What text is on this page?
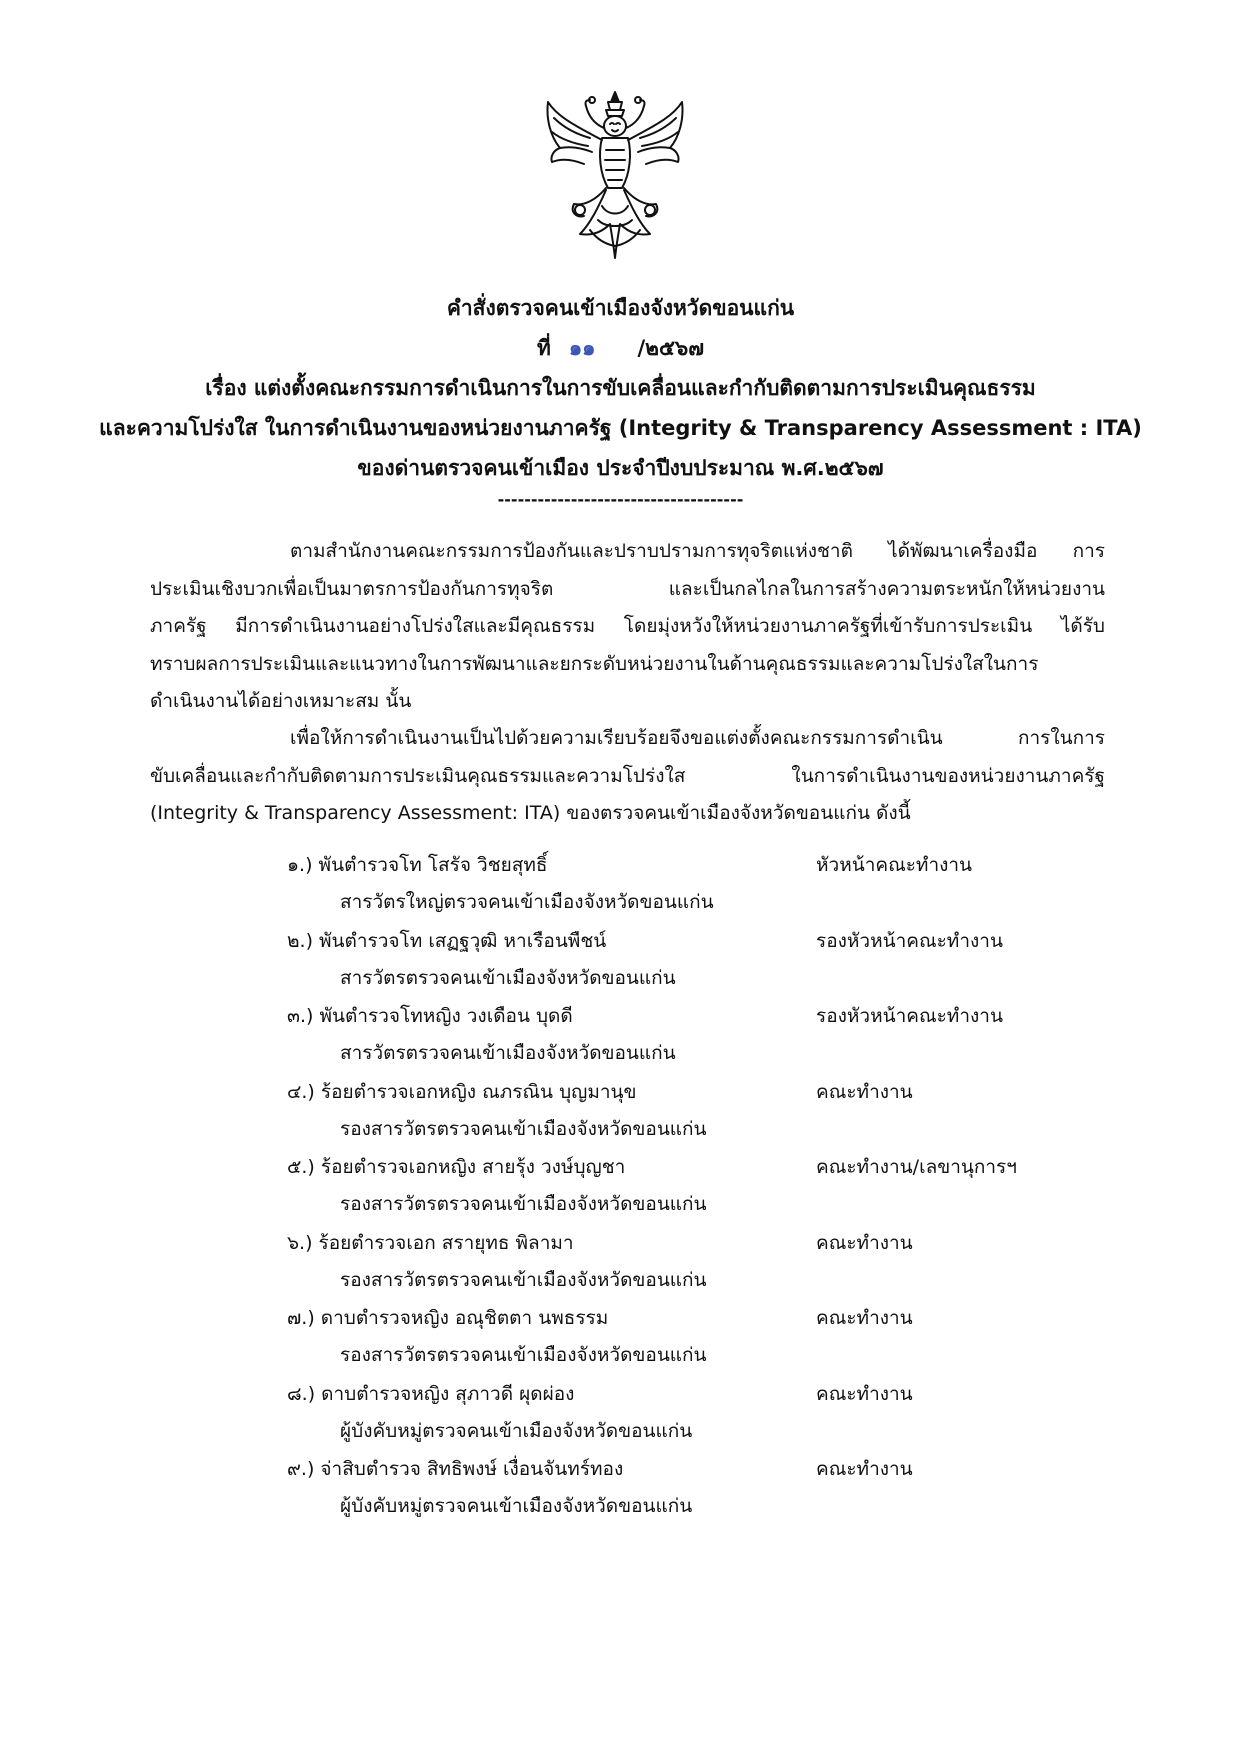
คำสั่งตรวจคนเข้าเมืองจังหวัดขอนแก่น
ที่ ๑๑ /๒๕๖๗
เรื่อง แต่งตั้งคณะกรรมการดำเนินการในการขับเคลื่อนและกำกับติดตามการประเมินคุณธรรม
และความโปร่งใส ในการดำเนินงานของหน่วยงานภาครัฐ (Integrity & Transparency Assessment : ITA)
ของด่านตรวจคนเข้าเมือง ประจำปีงบประมาณ พ.ศ.๒๕๖๗
-------------------------------------
ตามสำนักงานคณะกรรมการป้องกันและปราบปรามการทุจริตแห่งชาติ ได้พัฒนาเครื่องมือ การ
ประเมินเชิงบวกเพื่อเป็นมาตรการป้องกันการทุจริต และเป็นกลไกลในการสร้างความตระหนักให้หน่วยงาน
ภาครัฐ มีการดำเนินงานอย่างโปร่งใสและมีคุณธรรม โดยมุ่งหวังให้หน่วยงานภาครัฐที่เข้ารับการประเมิน ได้รับ
ทราบผลการประเมินและแนวทางในการพัฒนาและยกระดับหน่วยงานในด้านคุณธรรมและความโปร่งใสในการ
ดำเนินงานได้อย่างเหมาะสม นั้น
เพื่อให้การดำเนินงานเป็นไปด้วยความเรียบร้อยจึงขอแต่งตั้งคณะกรรมการดำเนิน การในการ
ขับเคลื่อนและกำกับติดตามการประเมินคุณธรรมและความโปร่งใส ในการดำเนินงานของหน่วยงานภาครัฐ
(Integrity & Transparency Assessment: ITA) ของตรวจคนเข้าเมืองจังหวัดขอนแก่น ดังนี้
๑.) พันตำรวจโท โสรัจ วิชยสุทธิ์	หัวหน้าคณะทำงาน
สารวัตรใหญ่ตรวจคนเข้าเมืองจังหวัดขอนแก่น
๒.) พันตำรวจโท เสฏฐวุฒิ หาเรือนพืชน์	รองหัวหน้าคณะทำงาน
สารวัตรตรวจคนเข้าเมืองจังหวัดขอนแก่น
๓.) พันตำรวจโทหญิง วงเดือน บุดดี	รองหัวหน้าคณะทำงาน
สารวัตรตรวจคนเข้าเมืองจังหวัดขอนแก่น
๔.) ร้อยตำรวจเอกหญิง ณภรณิน บุญมานุข	คณะทำงาน
รองสารวัตรตรวจคนเข้าเมืองจังหวัดขอนแก่น
๕.) ร้อยตำรวจเอกหญิง สายรุ้ง วงษ์บุญชา	คณะทำงาน/เลขานุการฯ
รองสารวัตรตรวจคนเข้าเมืองจังหวัดขอนแก่น
๖.) ร้อยตำรวจเอก สรายุทธ พิลามา	คณะทำงาน
รองสารวัตรตรวจคนเข้าเมืองจังหวัดขอนแก่น
๗.) ดาบตำรวจหญิง อณุชิตตา นพธรรม	คณะทำงาน
รองสารวัตรตรวจคนเข้าเมืองจังหวัดขอนแก่น
๘.) ดาบตำรวจหญิง สุภาวดี ผุดผ่อง	คณะทำงาน
ผู้บังคับหมู่ตรวจคนเข้าเมืองจังหวัดขอนแก่น
๙.) จ่าสิบตำรวจ สิทธิพงษ์ เงื่อนจันทร์ทอง	คณะทำงาน
ผู้บังคับหมู่ตรวจคนเข้าเมืองจังหวัดขอนแก่น
